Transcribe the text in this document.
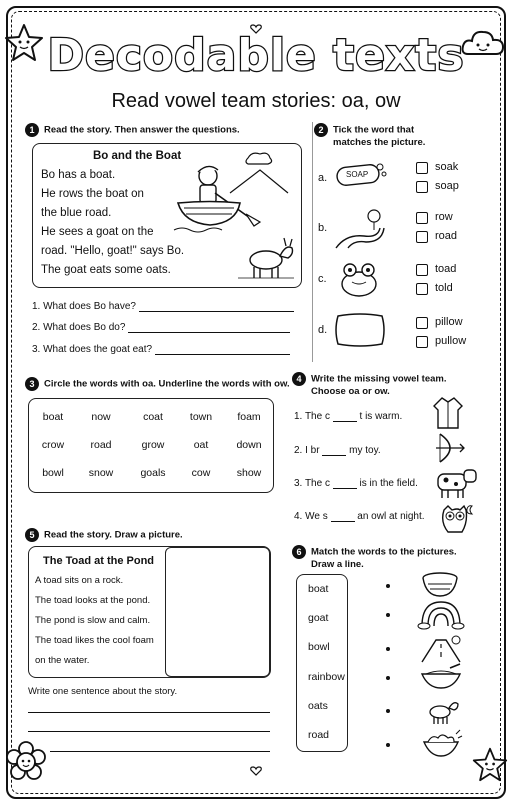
Decodable texts
Read vowel team stories: oa, ow
1 Read the story. Then answer the questions.
Bo and the Boat
Bo has a boat.
He rows the boat on
the blue road.
He sees a goat on the
road. "Hello, goat!" says Bo.
The goat eats some oats.
1. What does Bo have?
2. What does Bo do?
3. What does the goat eat?
2 Tick the word that
matches the picture.
a. SOAP
soak
soap
b.
row
road
c.
toad
told
d.
pillow
pullow
3 Circle the words with oa. Underline the words with ow.
boat	now	coat	town	foam
crow	road	grow	oat	down
bowl	snow	goals	cow	show
4 Write the missing vowel team.
Choose oa or ow.
1. The c	t is warm.
2. I br	my toy.
3. The c	is in the field.
4. We s	an owl at night.
5 Read the story. Draw a picture.
The Toad at the Pond
A toad sits on a rock.
The toad looks at the pond.
The pond is slow and calm.
The toad likes the cool foam
on the water.
Write one sentence about the story.
6 Match the words to the pictures.
Draw a line.
boat
goat
bowl
rainbow
oats
road
